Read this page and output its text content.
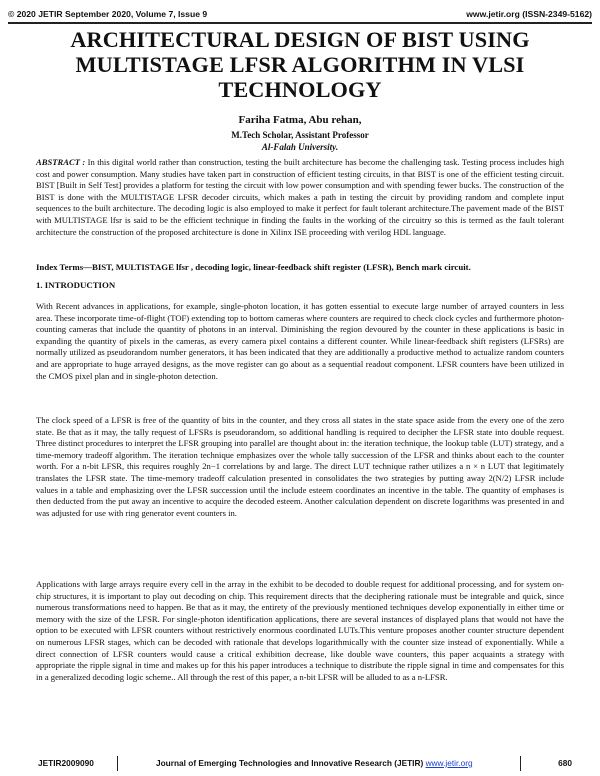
© 2020 JETIR September 2020, Volume 7, Issue 9	www.jetir.org (ISSN-2349-5162)
ARCHITECTURAL DESIGN OF BIST USING MULTISTAGE LFSR ALGORITHM IN VLSI TECHNOLOGY
Fariha Fatma, Abu rehan,
M.Tech Scholar, Assistant Professor
Al-Falah University.
ABSTRACT : In this digital world rather than construction, testing the built architecture has become the challenging task. Testing process includes high cost and power consumption. Many studies have taken part in construction of efficient testing circuits, in that BIST is one of the efficient testing circuit. BIST [Built in Self Test] provides a platform for testing the circuit with low power consumption and with spending fewer bucks. The construction of the BIST is done with the MULTISTAGE LFSR decoder circuits, which makes a path in testing the circuit by providing random and complete input sequences to the built architecture. The decoding logic is also employed to make it perfect for fault tolerant architecture.The pavement made of the BIST with MULTISTAGE lfsr is said to be the efficient technique in finding the faults in the working of the circuitry so this is termed as the fault tolerant architecture the construction of the proposed architecture is done in Xilinx ISE proceeding with verilog HDL language.
Index Terms—BIST, MULTISTAGE lfsr , decoding logic, linear-feedback shift register (LFSR), Bench mark circuit.
1. INTRODUCTION
With Recent advances in applications, for example, single-photon location, it has gotten essential to execute large number of arrayed counters in less area. These incorporate time-of-flight (TOF) extending top to bottom cameras where counters are required to check clock cycles and furthermore photon-counting cameras that include the quantity of photons in an interval. Diminishing the region devoured by the counter in these applications is basic in expanding the quantity of pixels in the cameras, as every camera pixel contains a different counter. While linear-feedback shift registers (LFSRs) are normally utilized as pseudorandom number generators, it has been indicated that they are additionally a productive method to actualize random counters and are appropriate to huge arrayed designs, as the move register can go about as a sequential readout component. LFSR counters have been utilized in the CMOS pixel plan and in single-photon detection.
The clock speed of a LFSR is free of the quantity of bits in the counter, and they cross all states in the state space aside from the every one of the zero state. Be that as it may, the tally request of LFSRs is pseudorandom, so additional handling is required to decipher the LFSR state into double request. Three distinct procedures to interpret the LFSR grouping into parallel are thought about in: the iteration technique, the lookup table (LUT) strategy, and a time-memory tradeoff algorithm. The iteration technique emphasizes over the whole tally succession of the LFSR and thinks about each to the counter worth. For a n-bit LFSR, this requires roughly 2n−1 correlations by and large. The direct LUT technique rather utilizes a n × n LUT that legitimately translates the LFSR state. The time-memory tradeoff calculation presented in consolidates the two strategies by putting away 2(N/2) LFSR include values in a table and emphasizing over the LFSR succession until the include esteem coordinates an incentive in the table. The quantity of emphases is then deducted from the put away an incentive to acquire the decoded esteem. Another calculation dependent on discrete logarithms was presented in and was adjusted for use with ring generator event counters in.
Applications with large arrays require every cell in the array in the exhibit to be decoded to double request for additional processing, and for system on-chip structures, it is important to play out decoding on chip. This requirement directs that the deciphering rationale must be integrable and quick, since numerous transformations need to happen. Be that as it may, the entirety of the previously mentioned techniques develop exponentially in either time or memory with the size of the LFSR. For single-photon identification applications, there are several instances of displayed plans that would not have the option to be executed with LFSR counters without restrictively enormous coordinated LUTs.This venture proposes another counter structure dependent on numerous LFSR stages, which can be decoded with rationale that develops logarithmically with the counter size instead of exponentially. While a direct connection of LFSR counters would cause a critical exhibition decrease, like double wave counters, this paper acquaints a strategy with appropriate the ripple signal in time and makes up for this his paper introduces a technique to distribute the ripple signal in time and compensates for this in a generalized decoding logic scheme.. All through the rest of this paper, a n-bit LFSR will be alluded to as a n-LFSR.
JETIR2009090	Journal of Emerging Technologies and Innovative Research (JETIR) www.jetir.org	680
